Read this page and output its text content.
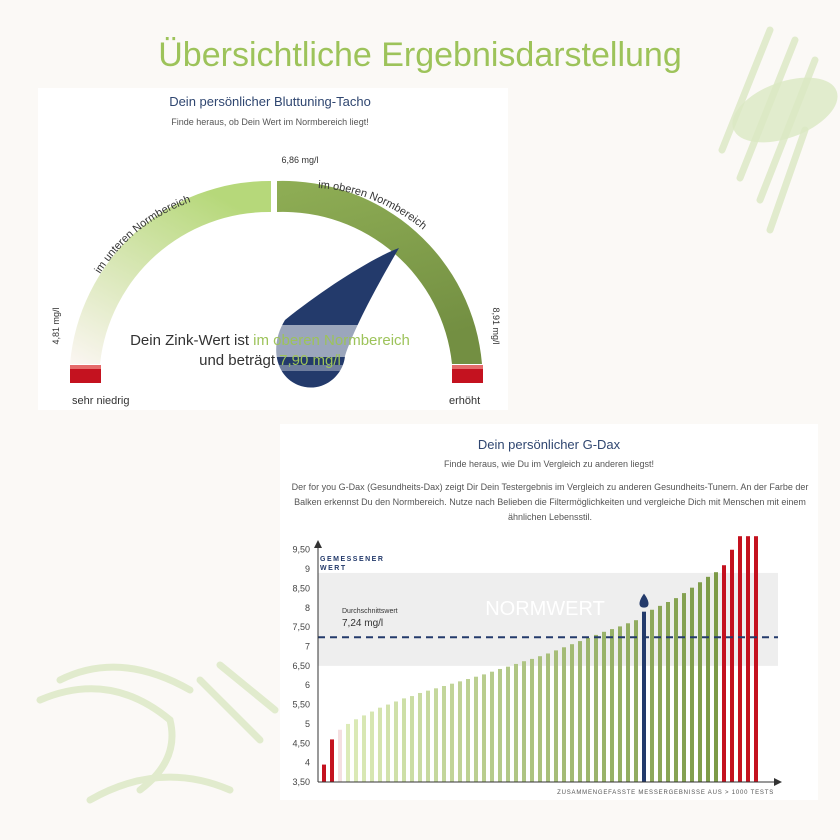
Übersichtliche Ergebnisdarstellung
Dein persönlicher Bluttuning-Tacho
Finde heraus, ob Dein Wert im Normbereich liegt!
im unteren Normbereich
im oberen Normbereich
6,86 mg/l
4,81 mg/l	8,91 mg/l
Dein Zink-Wert ist im oberen Normbereich
und beträgt 7,90 mg/l
sehr niedrig	erhöht
Dein persönlicher G-Dax
Finde heraus, wie Du im Vergleich zu anderen liegst!
Der for you G-Dax (Gesundheits-Dax) zeigt Dir Dein Testergebnis im Vergleich zu anderen Gesundheits-Tunern. An der Farbe der Balken erkennst Du den Normbereich. Nutze nach Belieben die Filtermöglichkeiten und vergleiche Dich mit Menschen mit einem ähnlichen Lebensstil.
NORMWERT
Durchschnittswert
7,24 mg/l
3,50
4
4,50
5
5,50
6
6,50
7
7,50
8
8,50
9
9,50
GEMESSENER
WERT
ZUSAMMENGEFASSTE MESSERGEBNISSE AUS > 1000 TESTS
